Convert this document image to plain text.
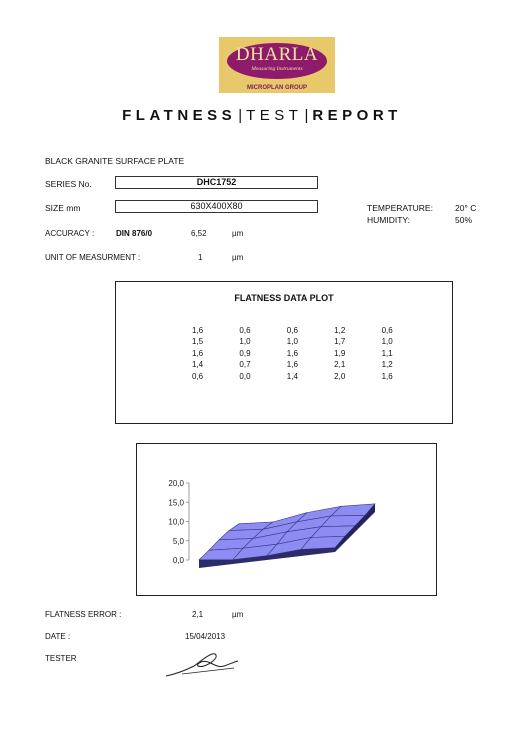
DHARLA
Measuring Instruments
MICROPLAN GROUP
FLATNESS | TEST | REPORT
BLACK GRANITE SURFACE PLATE
SERIES No.	DHC1752
SIZE mm	630X400X80	TEMPERATURE:	20° C
HUMIDITY:	50%
ACCURACY :	DIN 876/0	6,52	µm
UNIT OF MEASURMENT :	1	µm
FLATNESS DATA PLOT
1,6	0,6	0,6	1,2	0,6
1,5	1,0	1,0	1,7	1,0
1,6	0,9	1,6	1,9	1,1
1,4	0,7	1,6	2,1	1,2
0,6	0,0	1,4	2,0	1,6
20,0
15,0
10,0
5,0
0,0
FLATNESS ERROR :	2,1	µm
DATE :	15/04/2013
TESTER
